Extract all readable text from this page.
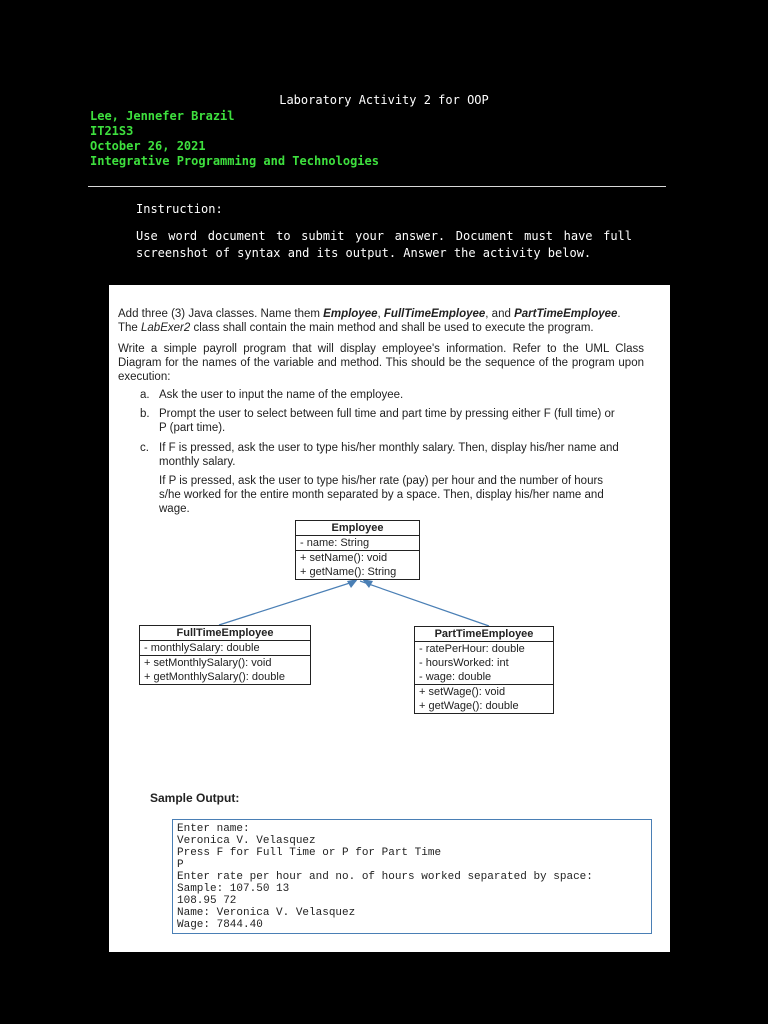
Laboratory Activity 2 for OOP
Lee, Jennefer Brazil
IT21S3
October 26, 2021
Integrative Programming and Technologies
Instruction:
Use word document to submit your answer. Document must have full screenshot of syntax and its output. Answer the activity below.
Add three (3) Java classes. Name them Employee, FullTimeEmployee, and PartTimeEmployee.
The LabExer2 class shall contain the main method and shall be used to execute the program.
Write a simple payroll program that will display employee's information. Refer to the UML Class Diagram for the names of the variable and method. This should be the sequence of the program upon execution:
a. Ask the user to input the name of the employee.
b. Prompt the user to select between full time and part time by pressing either F (full time) or P (part time).
c. If F is pressed, ask the user to type his/her monthly salary. Then, display his/her name and monthly salary.
If P is pressed, ask the user to type his/her rate (pay) per hour and the number of hours s/he worked for the entire month separated by a space. Then, display his/her name and wage.
Employee
- name: String
+ setName(): void
+ getName(): String
FullTimeEmployee
- monthlySalary: double
+ setMonthlySalary(): void
+ getMonthlySalary(): double
PartTimeEmployee
- ratePerHour: double
- hoursWorked: int
- wage: double
+ setWage(): void
+ getWage(): double
Sample Output:
Enter name:
Veronica V. Velasquez
Press F for Full Time or P for Part Time
P
Enter rate per hour and no. of hours worked separated by space:
Sample: 107.50 13
108.95 72
Name: Veronica V. Velasquez
Wage: 7844.40
